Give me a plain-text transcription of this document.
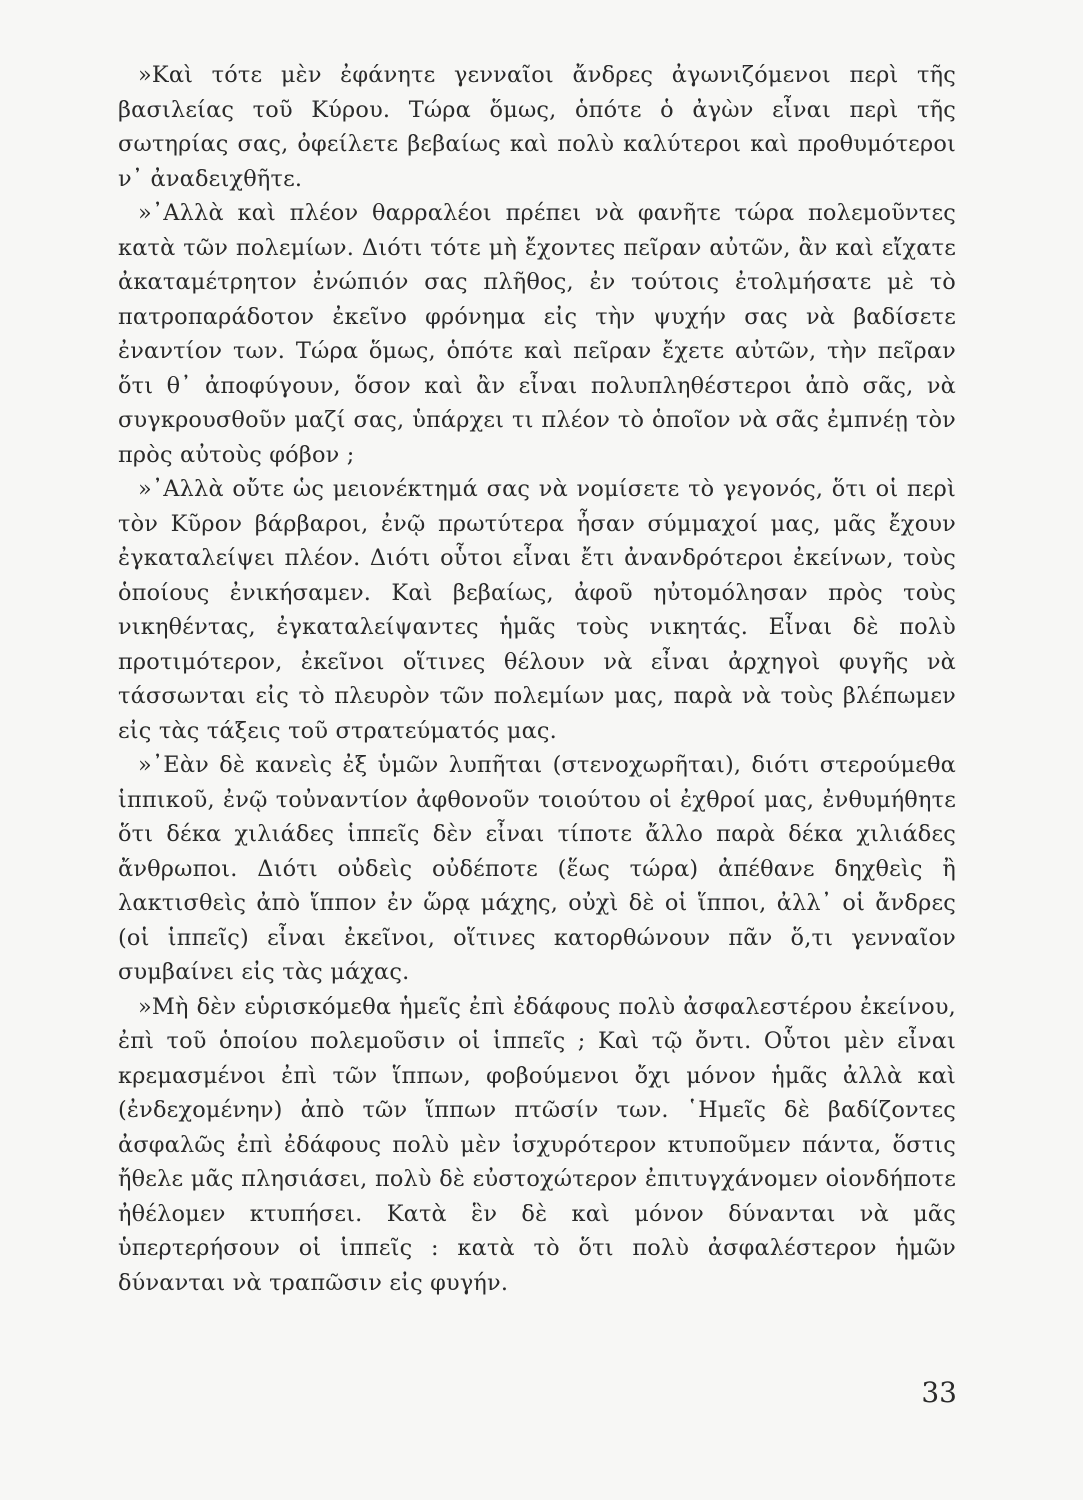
»Καὶ τότε μὲν ἐφάνητε γενναῖοι ἄνδρες ἀγωνιζόμενοι περὶ τῆς βασιλείας τοῦ Κύρου. Τώρα ὅμως, ὁπότε ὁ ἀγὼν εἶναι περὶ τῆς σωτηρίας σας, ὀφείλετε βεβαίως καὶ πολὺ καλύτεροι καὶ προθυμότεροι ν᾽ ἀναδειχθῆτε.

»᾽Αλλὰ καὶ πλέον θαρραλέοι πρέπει νὰ φανῆτε τώρα πολεμοῦντες κατὰ τῶν πολεμίων. Διότι τότε μὴ ἔχοντες πεῖραν αὐτῶν, ἂν καὶ εἴχατε ἀκαταμέτρητον ἐνώπιόν σας πλῆθος, ἐν τούτοις ἐτολμήσατε μὲ τὸ πατροπαράδοτον ἐκεῖνο φρόνημα εἰς τὴν ψυχήν σας νὰ βαδίσετε ἐναντίον των. Τώρα ὅμως, ὁπότε καὶ πεῖραν ἔχετε αὐτῶν, τὴν πεῖραν ὅτι θ᾽ ἀποφύγουν, ὅσον καὶ ἂν εἶναι πολυπληθέστεροι ἀπὸ σᾶς, νὰ συγκρουσθοῦν μαζί σας, ὑπάρχει τι πλέον τὸ ὁποῖον νὰ σᾶς ἐμπνέῃ τὸν πρὸς αὐτοὺς φόβον ;

»᾽Αλλὰ οὔτε ὡς μειονέκτημά σας νὰ νομίσετε τὸ γεγονός, ὅτι οἱ περὶ τὸν Κῦρον βάρβαροι, ἐνῷ πρωτύτερα ἦσαν σύμμαχοί μας, μᾶς ἔχουν ἐγκαταλείψει πλέον. Διότι οὗτοι εἶναι ἔτι ἀνανδρότεροι ἐκείνων, τοὺς ὁποίους ἐνικήσαμεν. Καὶ βεβαίως, ἀφοῦ ηὐτομόλησαν πρὸς τοὺς νικηθέντας, ἐγκαταλείψαντες ἡμᾶς τοὺς νικητάς. Εἶναι δὲ πολὺ προτιμότερον, ἐκεῖνοι οἵτινες θέλουν νὰ εἶναι ἀρχηγοὶ φυγῆς νὰ τάσσωνται εἰς τὸ πλευρὸν τῶν πολεμίων μας, παρὰ νὰ τοὺς βλέπωμεν εἰς τὰς τάξεις τοῦ στρατεύματός μας.

»᾽Εὰν δὲ κανεὶς ἐξ ὑμῶν λυπῆται (στενοχωρῆται), διότι στερούμεθα ἱππικοῦ, ἐνῷ τοὐναντίον ἀφθονοῦν τοιούτου οἱ ἐχθροί μας, ἐνθυμήθητε ὅτι δέκα χιλιάδες ἱππεῖς δὲν εἶναι τίποτε ἄλλο παρὰ δέκα χιλιάδες ἄνθρωποι. Διότι οὐδεὶς οὐδέποτε (ἕως τώρα) ἀπέθανε δηχθεὶς ἢ λακτισθεὶς ἀπὸ ἵππον ἐν ὥρᾳ μάχης, οὐχὶ δὲ οἱ ἵπποι, ἀλλ᾽ οἱ ἄνδρες (οἱ ἱππεῖς) εἶναι ἐκεῖνοι, οἵτινες κατορθώνουν πᾶν ὅ,τι γενναῖον συμβαίνει εἰς τὰς μάχας.

»Μὴ δὲν εὑρισκόμεθα ἡμεῖς ἐπὶ ἐδάφους πολὺ ἀσφαλεστέρου ἐκείνου, ἐπὶ τοῦ ὁποίου πολεμοῦσιν οἱ ἱππεῖς ; Καὶ τῷ ὄντι. Οὗτοι μὲν εἶναι κρεμασμένοι ἐπὶ τῶν ἵππων, φοβούμενοι ὄχι μόνον ἡμᾶς ἀλλὰ καὶ (ἐνδεχομένην) ἀπὸ τῶν ἵππων πτῶσίν των. ῾Ημεῖς δὲ βαδίζοντες ἀσφαλῶς ἐπὶ ἐδάφους πολὺ μὲν ἰσχυρότερον κτυποῦμεν πάντα, ὅστις ἤθελε μᾶς πλησιάσει, πολὺ δὲ εὐστοχώτερον ἐπιτυγχάνομεν οἱονδήποτε ἠθέλομεν κτυπήσει. Κατὰ ἓν δὲ καὶ μόνον δύνανται νὰ μᾶς ὑπερτερήσουν οἱ ἱππεῖς : κατὰ τὸ ὅτι πολὺ ἀσφαλέστερον ἡμῶν δύνανται νὰ τραπῶσιν εἰς φυγήν.

33
